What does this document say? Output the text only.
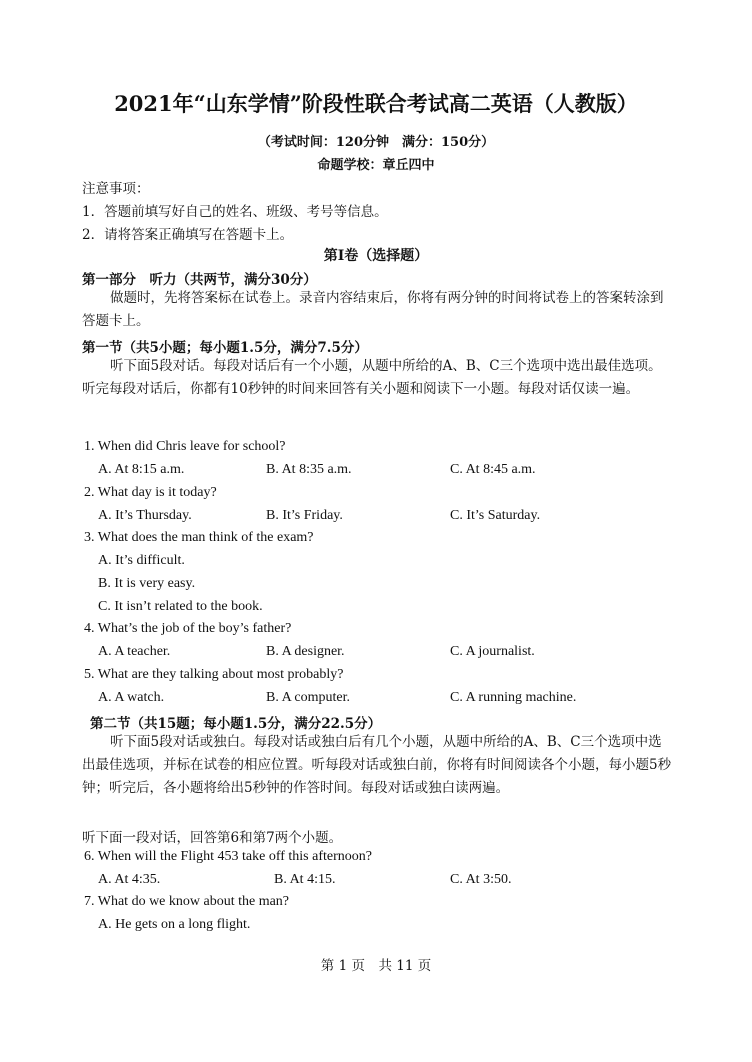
2021年“山东学情”阶段性联合考试高二英语（人教版）
（考试时间：120分钟　满分：150分）
命题学校：章丘四中
注意事项：
1．答题前填写好自己的姓名、班级、考号等信息。
2．请将答案正确填写在答题卡上。
第Ⅰ卷（选择题）
第一部分　听力（共两节，满分30分）
做题时，先将答案标在试卷上。录音内容结束后，你将有两分钟的时间将试卷上的答案转涂到答题卡上。
第一节（共5小题；每小题1.5分，满分7.5分）
听下面5段对话。每段对话后有一个小题，从题中所给的A、B、C三个选项中选出最佳选项。听完每段对话后，你都有10秒钟的时间来回答有关小题和阅读下一小题。每段对话仅读一遍。
1. When did Chris leave for school?
A. At 8:15 a.m.	B. At 8:35 a.m.	C. At 8:45 a.m.
2. What day is it today?
A. It’s Thursday.	B. It’s Friday.	C. It’s Saturday.
3. What does the man think of the exam?
A. It’s difficult.
B. It is very easy.
C. It isn’t related to the book.
4. What’s the job of the boy’s father?
A. A teacher.	B. A designer.	C. A journalist.
5. What are they talking about most probably?
A. A watch.	B. A computer.	C. A running machine.
第二节（共15题；每小题1.5分，满分22.5分）
听下面5段对话或独白。每段对话或独白后有几个小题，从题中所给的A、B、C三个选项中选出最佳选项，并标在试卷的相应位置。听每段对话或独白前，你将有时间阅读各个小题，每小题5秒钟；听完后，各小题将给出5秒钟的作答时间。每段对话或独白读两遍。
听下面一段对话，回答第6和第7两个小题。
6. When will the Flight 453 take off this afternoon?
A. At 4:35.	B. At 4:15.	C. At 3:50.
7. What do we know about the man?
A. He gets on a long flight.
第 1 页　共 11 页
